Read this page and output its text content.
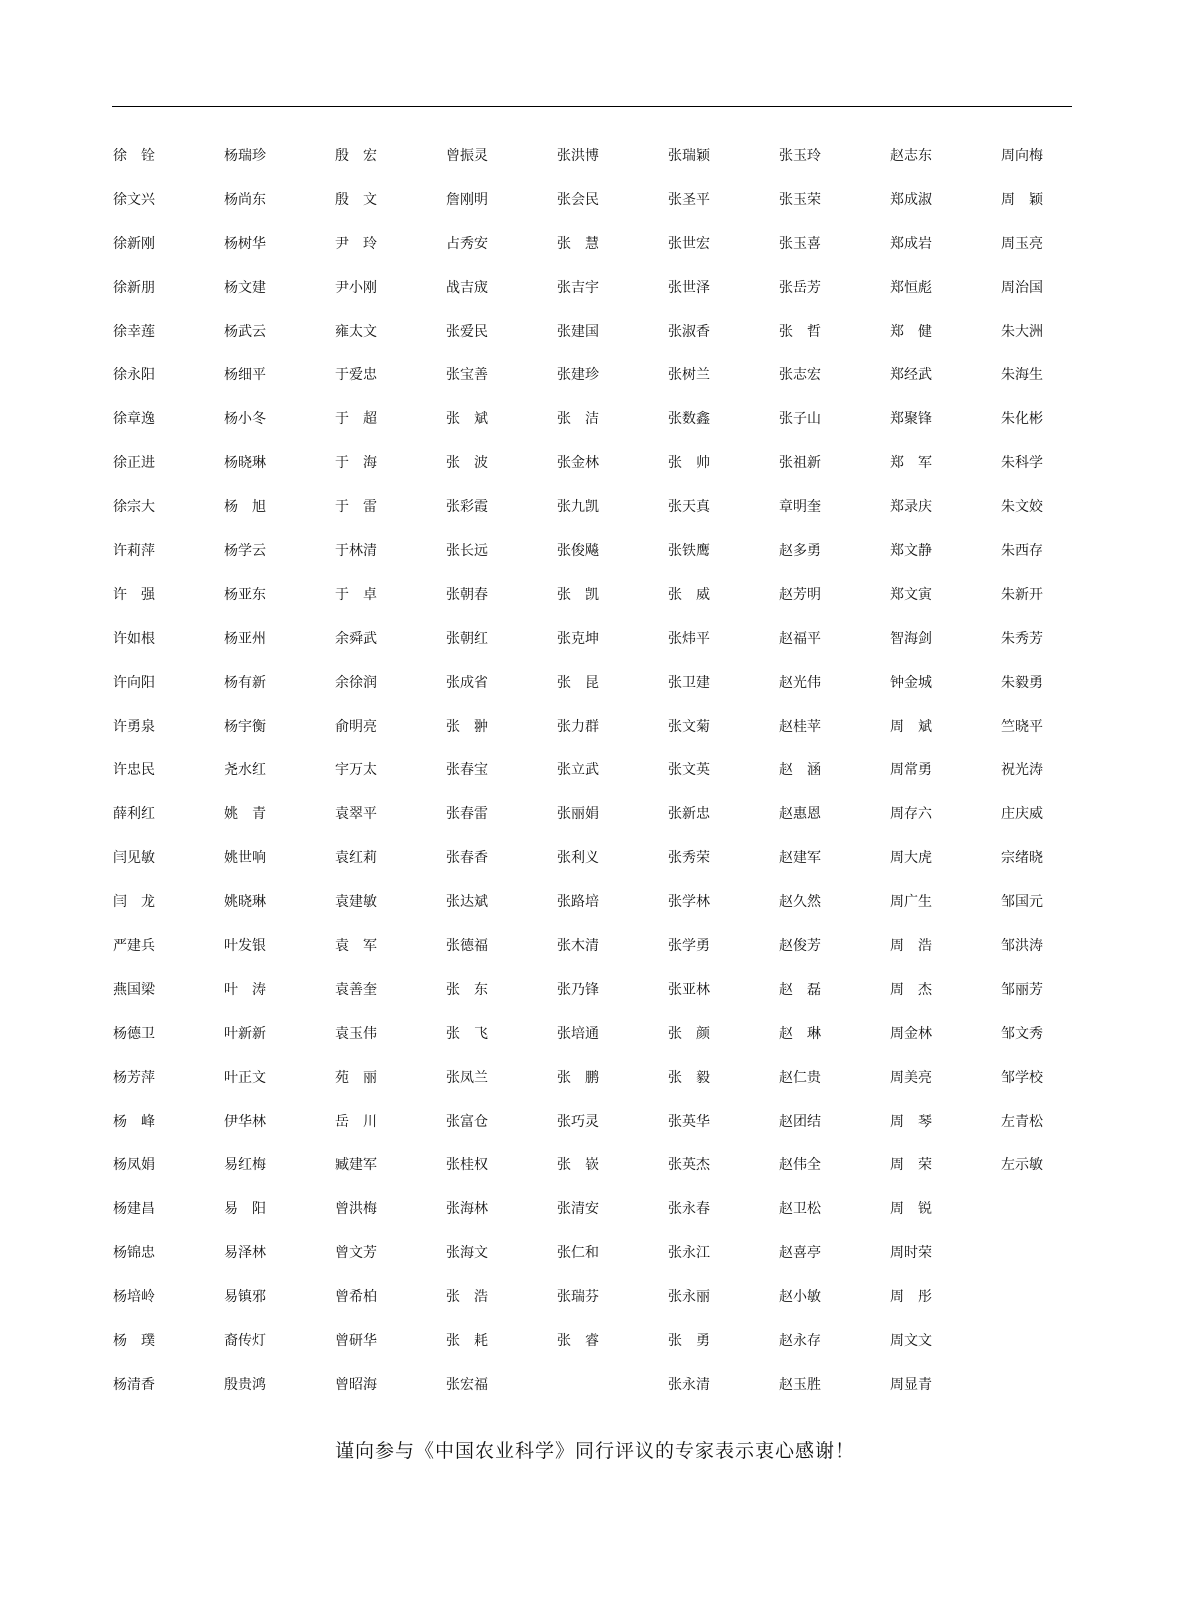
徐　铨
徐文兴
徐新刚
徐新朋
徐幸莲
徐永阳
徐章逸
徐正进
徐宗大
许莉萍
许　强
许如根
许向阳
许勇泉
许忠民
薛利红
闫见敏
闫　龙
严建兵
燕国梁
杨德卫
杨芳萍
杨　峰
杨凤娟
杨建昌
杨锦忠
杨培岭
杨　璞
杨清香
杨瑞珍
杨尚东
杨树华
杨文建
杨武云
杨细平
杨小冬
杨晓琳
杨　旭
杨学云
杨亚东
杨亚州
杨有新
杨宇衡
尧水红
姚　青
姚世响
姚晓琳
叶发银
叶　涛
叶新新
叶正文
伊华林
易红梅
易　阳
易泽林
易镇邪
裔传灯
殷贵鸿
殷　宏
殷　文
尹　玲
尹小刚
雍太文
于爱忠
于　超
于　海
于　雷
于林清
于　卓
余舜武
余徐润
俞明亮
宇万太
袁翠平
袁红莉
袁建敏
袁　军
袁善奎
袁玉伟
苑　丽
岳　川
臧建军
曾洪梅
曾文芳
曾希柏
曾研华
曾昭海
曾振灵
詹刚明
占秀安
战吉宬
张爱民
张宝善
张　斌
张　波
张彩霞
张长远
张朝春
张朝红
张成省
张　翀
张春宝
张春雷
张春香
张达斌
张德福
张　东
张　飞
张凤兰
张富仓
张桂权
张海林
张海文
张　浩
张　耗
张宏福
张洪博
张会民
张　慧
张吉宇
张建国
张建珍
张　洁
张金林
张九凯
张俊飚
张　凯
张克坤
张　昆
张力群
张立武
张丽娟
张利义
张路培
张木清
张乃锋
张培通
张　鹏
张巧灵
张　嵚
张清安
张仁和
张瑞芬
张　睿
张瑞颖
张圣平
张世宏
张世泽
张淑香
张树兰
张数鑫
张　帅
张天真
张铁鹰
张　威
张炜平
张卫建
张文菊
张文英
张新忠
张秀荣
张学林
张学勇
张亚林
张　颜
张　毅
张英华
张英杰
张永春
张永江
张永丽
张　勇
张永清
张玉玲
张玉荣
张玉喜
张岳芳
张　哲
张志宏
张子山
张祖新
章明奎
赵多勇
赵芳明
赵福平
赵光伟
赵桂苹
赵　涵
赵惠恩
赵建军
赵久然
赵俊芳
赵　磊
赵　琳
赵仁贵
赵团结
赵伟全
赵卫松
赵喜亭
赵小敏
赵永存
赵玉胜
赵志东
郑成淑
郑成岩
郑恒彪
郑　健
郑经武
郑聚锋
郑　军
郑录庆
郑文静
郑文寅
智海剑
钟金城
周　斌
周常勇
周存六
周大虎
周广生
周　浩
周　杰
周金林
周美亮
周　琴
周　荣
周　锐
周时荣
周　彤
周文文
周显青
周向梅
周　颖
周玉亮
周治国
朱大洲
朱海生
朱化彬
朱科学
朱文姣
朱西存
朱新开
朱秀芳
朱毅勇
竺晓平
祝光涛
庄庆威
宗绪晓
邹国元
邹洪涛
邹丽芳
邹文秀
邹学校
左青松
左示敏
谨向参与《中国农业科学》同行评议的专家表示衷心感谢！
